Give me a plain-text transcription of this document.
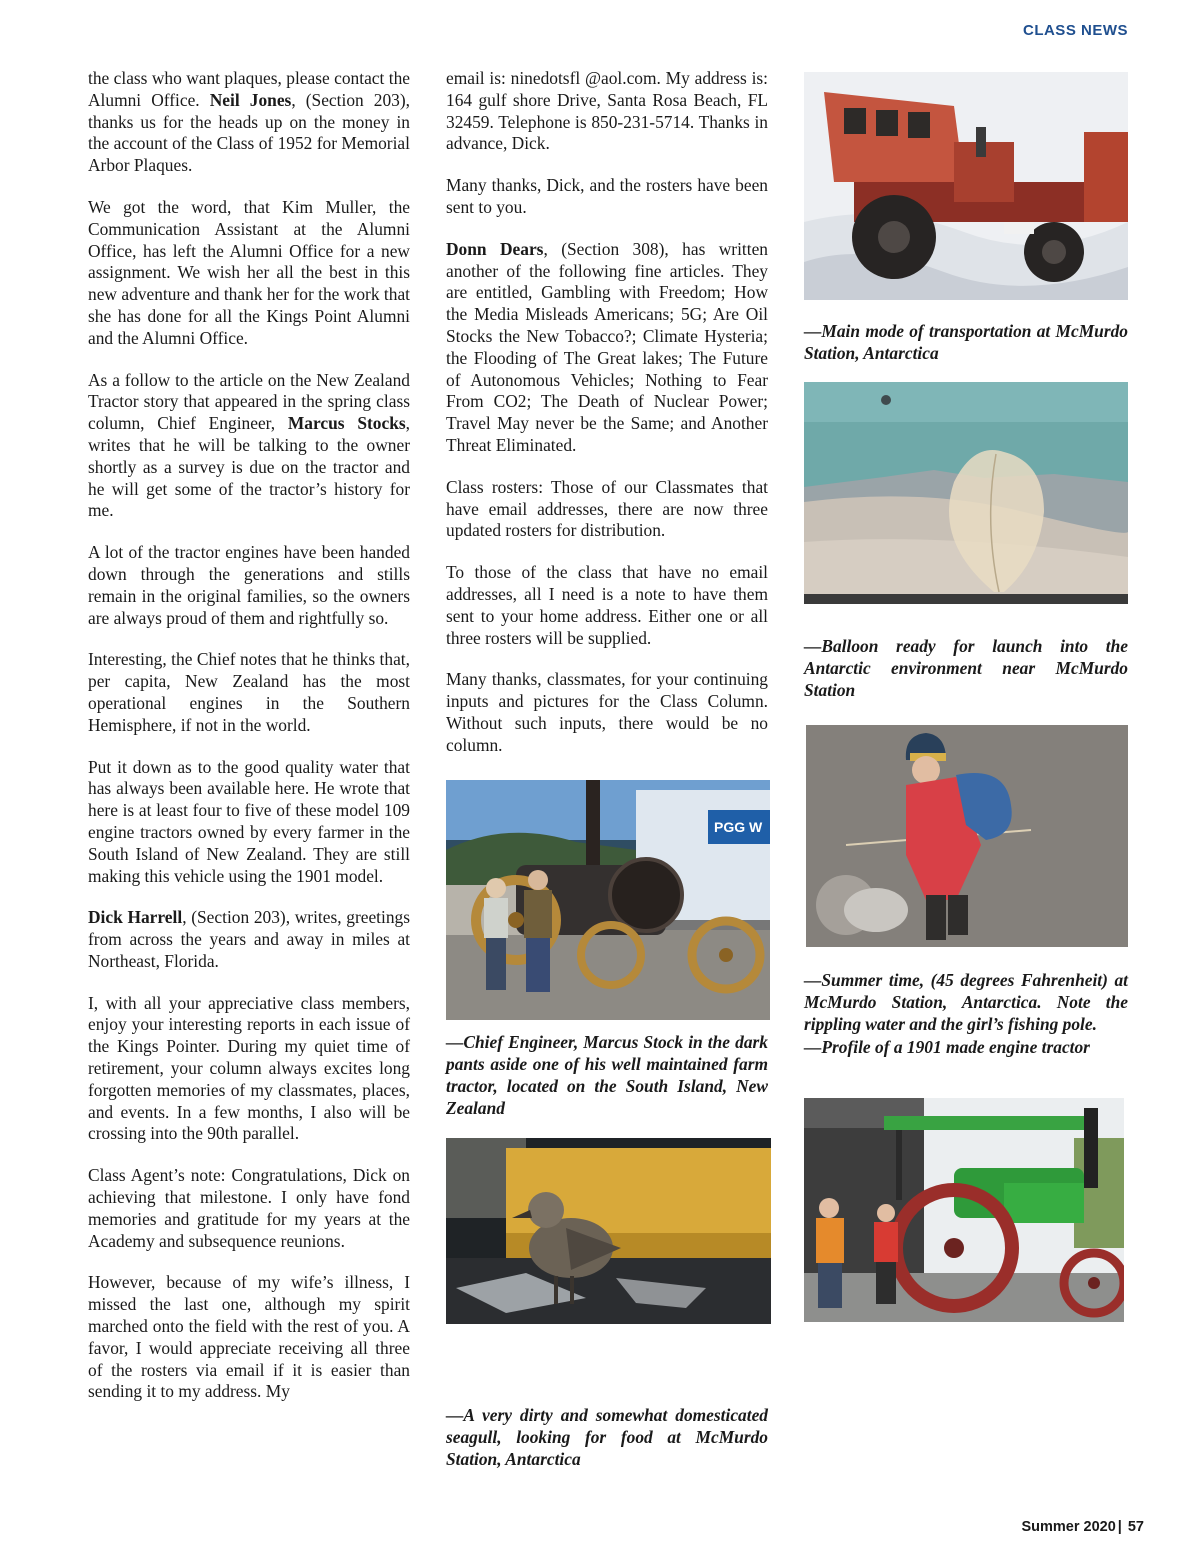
CLASS NEWS

the class who want plaques, please contact the Alumni Office. Neil Jones, (Section 203), thanks us for the heads up on the money in the account of the Class of 1952 for Memorial Arbor Plaques.

We got the word, that Kim Muller, the Communication Assistant at the Alumni Office, has left the Alumni Office for a new assignment. We wish her all the best in this new adventure and thank her for the work that she has done for all the Kings Point Alumni and the Alumni Office.

As a follow to the article on the New Zealand Tractor story that appeared in the spring class column, Chief Engineer, Marcus Stocks, writes that he will be talking to the owner shortly as a survey is due on the tractor and he will get some of the tractor’s history for me.

A lot of the tractor engines have been handed down through the generations and stills remain in the original families, so the owners are always proud of them and rightfully so.

Interesting, the Chief notes that he thinks that, per capita, New Zealand has the most operational engines in the Southern Hemisphere, if not in the world.

Put it down as to the good quality water that has always been available here. He wrote that here is at least four to five of these model 109 engine tractors owned by every farmer in the South Island of New Zealand. They are still making this vehicle using the 1901 model.

Dick Harrell, (Section 203), writes, greetings from across the years and away in miles at Northeast, Florida.

I, with all your appreciative class members, enjoy your interesting reports in each issue of the Kings Pointer. During my quiet time of retirement, your column always excites long forgotten memories of my classmates, places, and events. In a few months, I also will be crossing into the 90th parallel.

Class Agent’s note: Congratulations, Dick on achieving that milestone. I only have fond memories and gratitude for my years at the Academy and subsequence reunions.

However, because of my wife’s illness, I missed the last one, although my spirit marched onto the field with the rest of you. A favor, I would appreciate receiving all three of the rosters via email if it is easier than sending it to my address. My

email is: ninedotsfl @aol.com. My address is: 164 gulf shore Drive, Santa Rosa Beach, FL 32459. Telephone is 850-231-5714. Thanks in advance, Dick.

Many thanks, Dick, and the rosters have been sent to you.

Donn Dears, (Section 308), has written another of the following fine articles. They are entitled, Gambling with Freedom; How the Media Misleads Americans; 5G; Are Oil Stocks the New Tobacco?; Climate Hysteria; the Flooding of The Great lakes; The Future of Autonomous Vehicles; Nothing to Fear From CO2; The Death of Nuclear Power; Travel May never be the Same; and Another Threat Eliminated.

Class rosters: Those of our Classmates that have email addresses, there are now three updated rosters for distribution.

To those of the class that have no email addresses, all I need is a note to have them sent to your home address. Either one or all three rosters will be supplied.

Many thanks, classmates, for your continuing inputs and pictures for the Class Column. Without such inputs, there would be no column.

PGG W
—Chief Engineer, Marcus Stock in the dark pants aside one of his well maintained farm tractor, located on the South Island, New Zealand
—A very dirty and somewhat domesticated seagull, looking for food at McMurdo Station, Antarctica
—Main mode of transportation at McMurdo Station, Antarctica
—Balloon ready for launch into the Antarctic environment near McMurdo Station
—Summer time, (45 degrees Fahrenheit) at McMurdo Station, Antarctica. Note the rippling water and the girl’s fishing pole.
—Profile of a 1901 made engine tractor
Summer 2020 | 57
